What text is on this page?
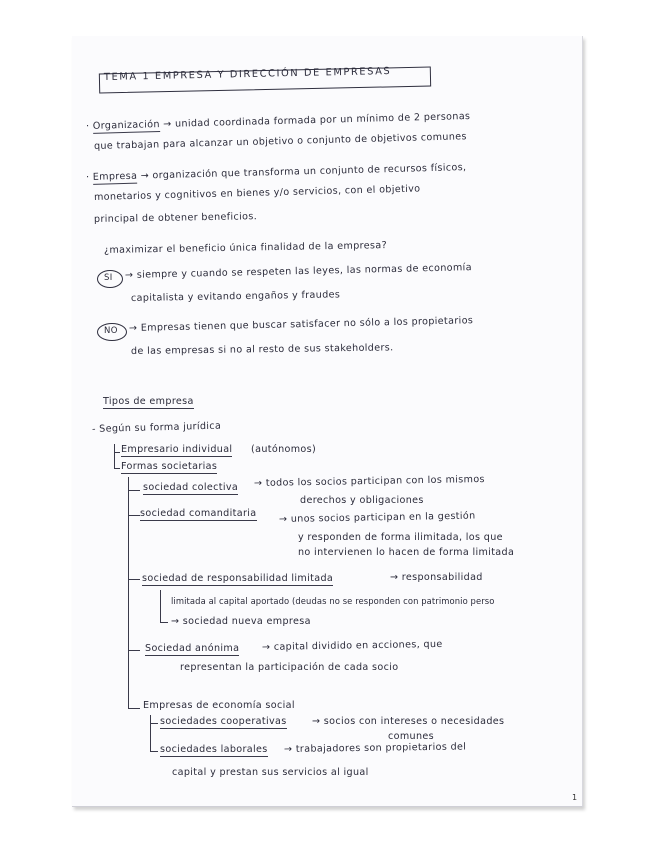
TEMA 1 EMPRESA Y DIRECCIÓN DE EMPRESAS
· Organización → unidad coordinada formada por un mínimo de 2 personas
que trabajan para alcanzar un objetivo o conjunto de objetivos comunes
· Empresa → organización que transforma un conjunto de recursos físicos,
monetarios y cognitivos en bienes y/o servicios, con el objetivo
principal de obtener beneficios.
¿maximizar el beneficio única finalidad de la empresa?
SI → siempre y cuando se respeten las leyes, las normas de economía
capitalista y evitando engaños y fraudes
NO → Empresas tienen que buscar satisfacer no sólo a los propietarios
de las empresas si no al resto de sus stakeholders.
Tipos de empresa
- Según su forma jurídica
Empresario individual (autónomos)
Formas societarias
sociedad colectiva → todos los socios participan con los mismos
derechos y obligaciones
sociedad comanditaria → unos socios participan en la gestión
y responden de forma ilimitada, los que
no intervienen lo hacen de forma limitada
sociedad de responsabilidad limitada	→ responsabilidad
limitada al capital aportado (deudas no se responden con patrimonio perso
→ sociedad nueva empresa
Sociedad anónima → capital dividido en acciones, que
representan la participación de cada socio
Empresas de economía social
sociedades cooperativas	→ socios con intereses o necesidades
comunes
sociedades laborales → trabajadores son propietarios del
capital y prestan sus servicios al igual
1
